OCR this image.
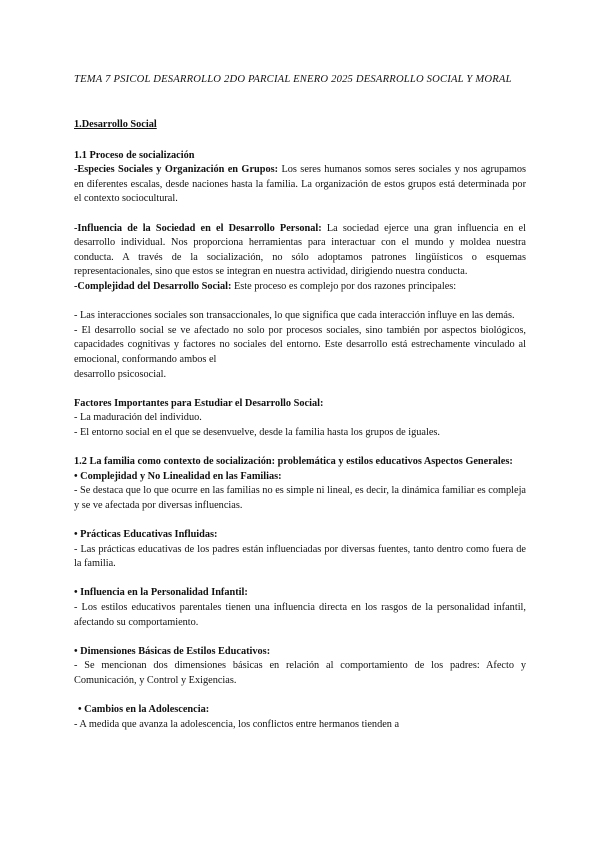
TEMA 7 PSICOL DESARROLLO 2DO PARCIAL ENERO 2025 DESARROLLO SOCIAL Y MORAL

1.Desarrollo Social

1.1 Proceso de socialización

-Especies Sociales y Organización en Grupos: Los seres humanos somos seres sociales y nos agrupamos en diferentes escalas, desde naciones hasta la familia. La organización de estos grupos está determinada por el contexto sociocultural.

-Influencia de la Sociedad en el Desarrollo Personal: La sociedad ejerce una gran influencia en el desarrollo individual. Nos proporciona herramientas para interactuar con el mundo y moldea nuestra conducta. A través de la socialización, no sólo adoptamos patrones lingüísticos o esquemas representacionales, sino que estos se integran en nuestra actividad, dirigiendo nuestra conducta.

-Complejidad del Desarrollo Social: Este proceso es complejo por dos razones principales:

- Las interacciones sociales son transaccionales, lo que significa que cada interacción influye en las demás.

- El desarrollo social se ve afectado no solo por procesos sociales, sino también por aspectos biológicos, capacidades cognitivas y factores no sociales del entorno. Este desarrollo está estrechamente vinculado al emocional, conformando ambos el

desarrollo psicosocial.

Factores Importantes para Estudiar el Desarrollo Social:

- La maduración del individuo.

- El entorno social en el que se desenvuelve, desde la familia hasta los grupos de iguales.

1.2 La familia como contexto de socialización: problemática y estilos educativos Aspectos Generales:

• Complejidad y No Linealidad en las Familias:

- Se destaca que lo que ocurre en las familias no es simple ni lineal, es decir, la dinámica familiar es compleja y se ve afectada por diversas influencias.

• Prácticas Educativas Influidas:

- Las prácticas educativas de los padres están influenciadas por diversas fuentes, tanto dentro como fuera de la familia.

• Influencia en la Personalidad Infantil:

- Los estilos educativos parentales tienen una influencia directa en los rasgos de la personalidad infantil, afectando su comportamiento.

• Dimensiones Básicas de Estilos Educativos:

- Se mencionan dos dimensiones básicas en relación al comportamiento de los padres: Afecto y Comunicación, y Control y Exigencias.

• Cambios en la Adolescencia:

- A medida que avanza la adolescencia, los conflictos entre hermanos tienden a
